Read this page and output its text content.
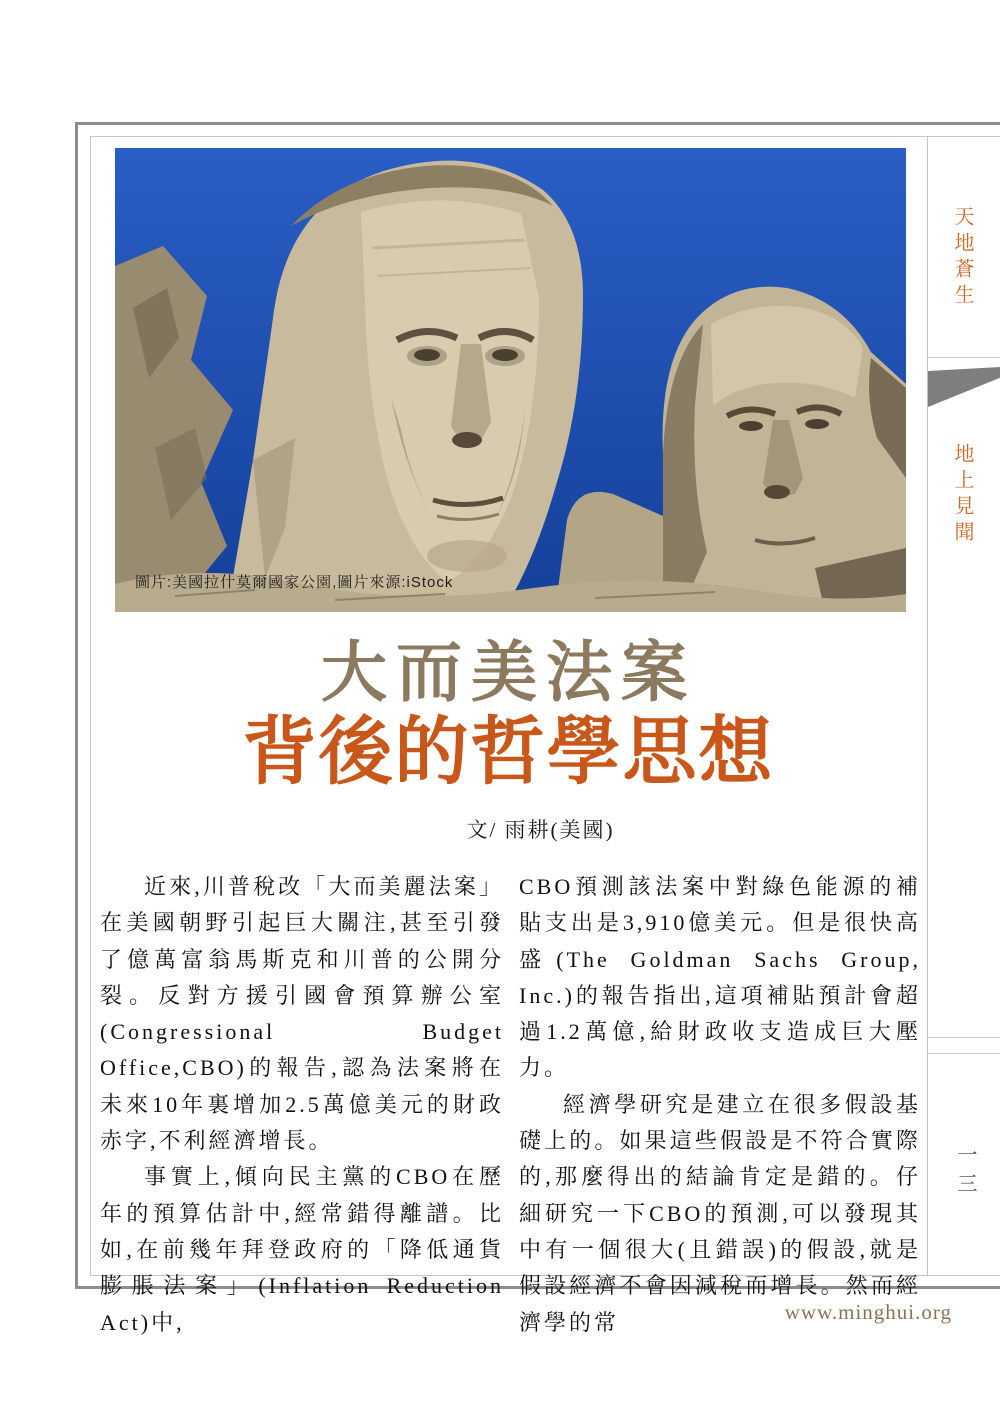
圖片:美國拉什莫爾國家公園,圖片來源:iStock
大而美法案
背後的哲學思想
文/ 雨耕(美國)

近來,川普稅改「大而美麗法案」在美國朝野引起巨大關注,甚至引發了億萬富翁馬斯克和川普的公開分裂。反對方援引國會預算辦公室(Congressional Budget Office,CBO)的報告,認為法案將在未來10年裏增加2.5萬億美元的財政赤字,不利經濟增長。

事實上,傾向民主黨的CBO在歷年的預算估計中,經常錯得離譜。比如,在前幾年拜登政府的「降低通貨膨脹法案」(Inflation Reduction Act)中,

CBO預測該法案中對綠色能源的補貼支出是3,910億美元。但是很快高盛(The Goldman Sachs Group, Inc.)的報告指出,這項補貼預計會超過1.2萬億,給財政收支造成巨大壓力。

經濟學研究是建立在很多假設基礎上的。如果這些假設是不符合實際的,那麼得出的結論肯定是錯的。仔細研究一下CBO的預測,可以發現其中有一個很大(且錯誤)的假設,就是假設經濟不會因減稅而增長。然而經濟學的常

天地蒼生
地上見聞
一三
www.minghui.org
